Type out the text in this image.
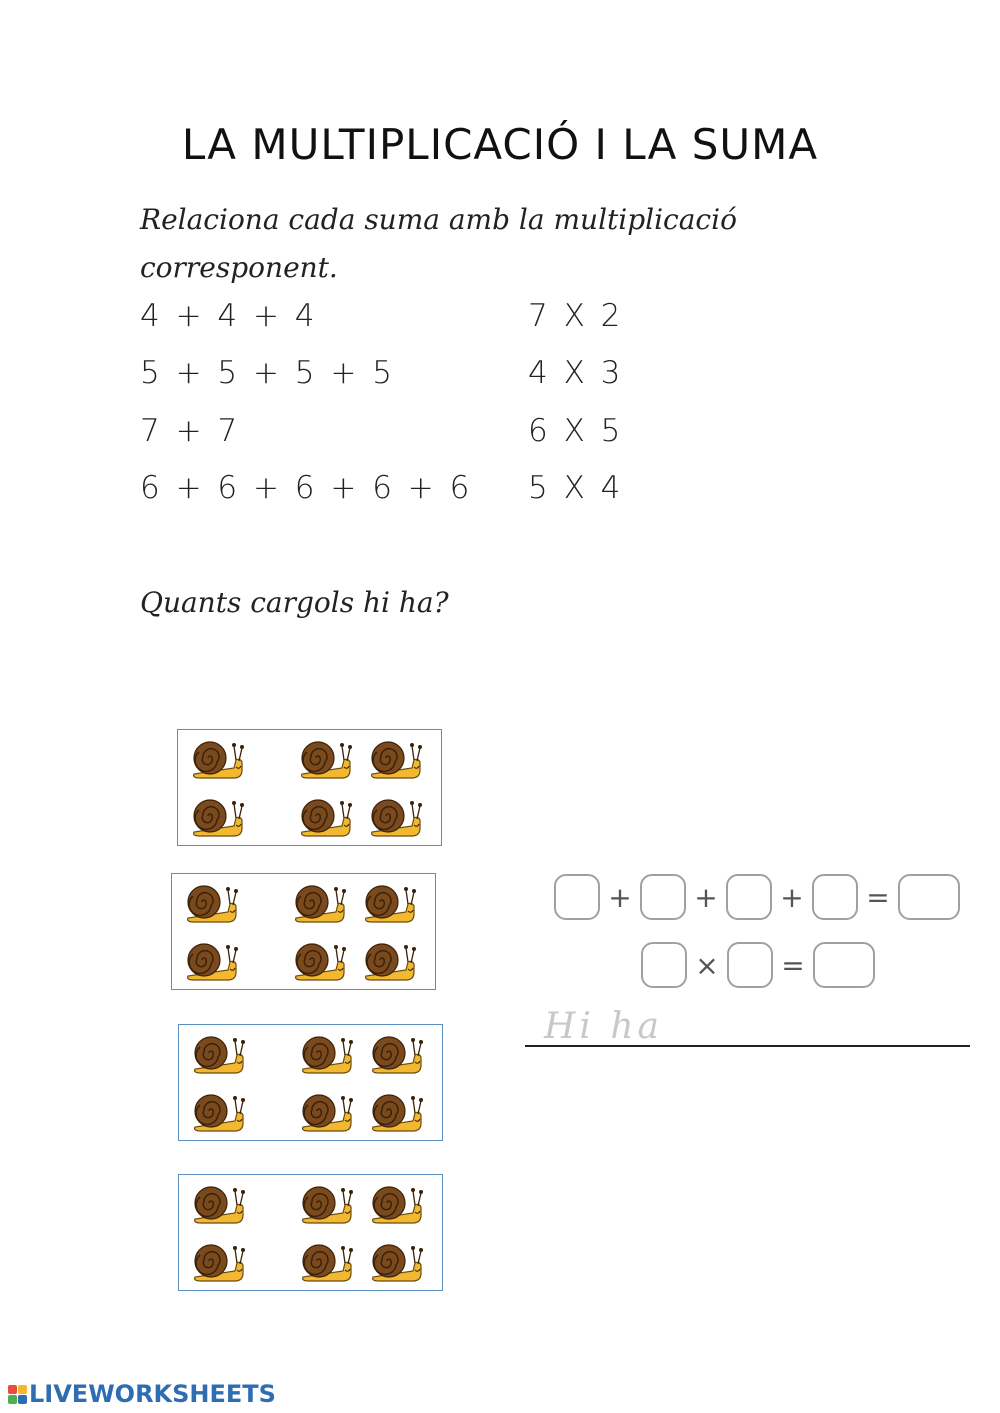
LA MULTIPLICACIÓ I LA SUMA
Relaciona cada suma amb la multiplicació corresponent.
4 + 4 + 4
5 + 5 + 5 + 5
7 + 7
6 + 6 + 6 + 6 + 6
7 X 2
4 X 3
6 X 5
5 X 4
Quants cargols hi ha?
+ + + =
× =
Hi ha
LIVEWORKSHEETS
